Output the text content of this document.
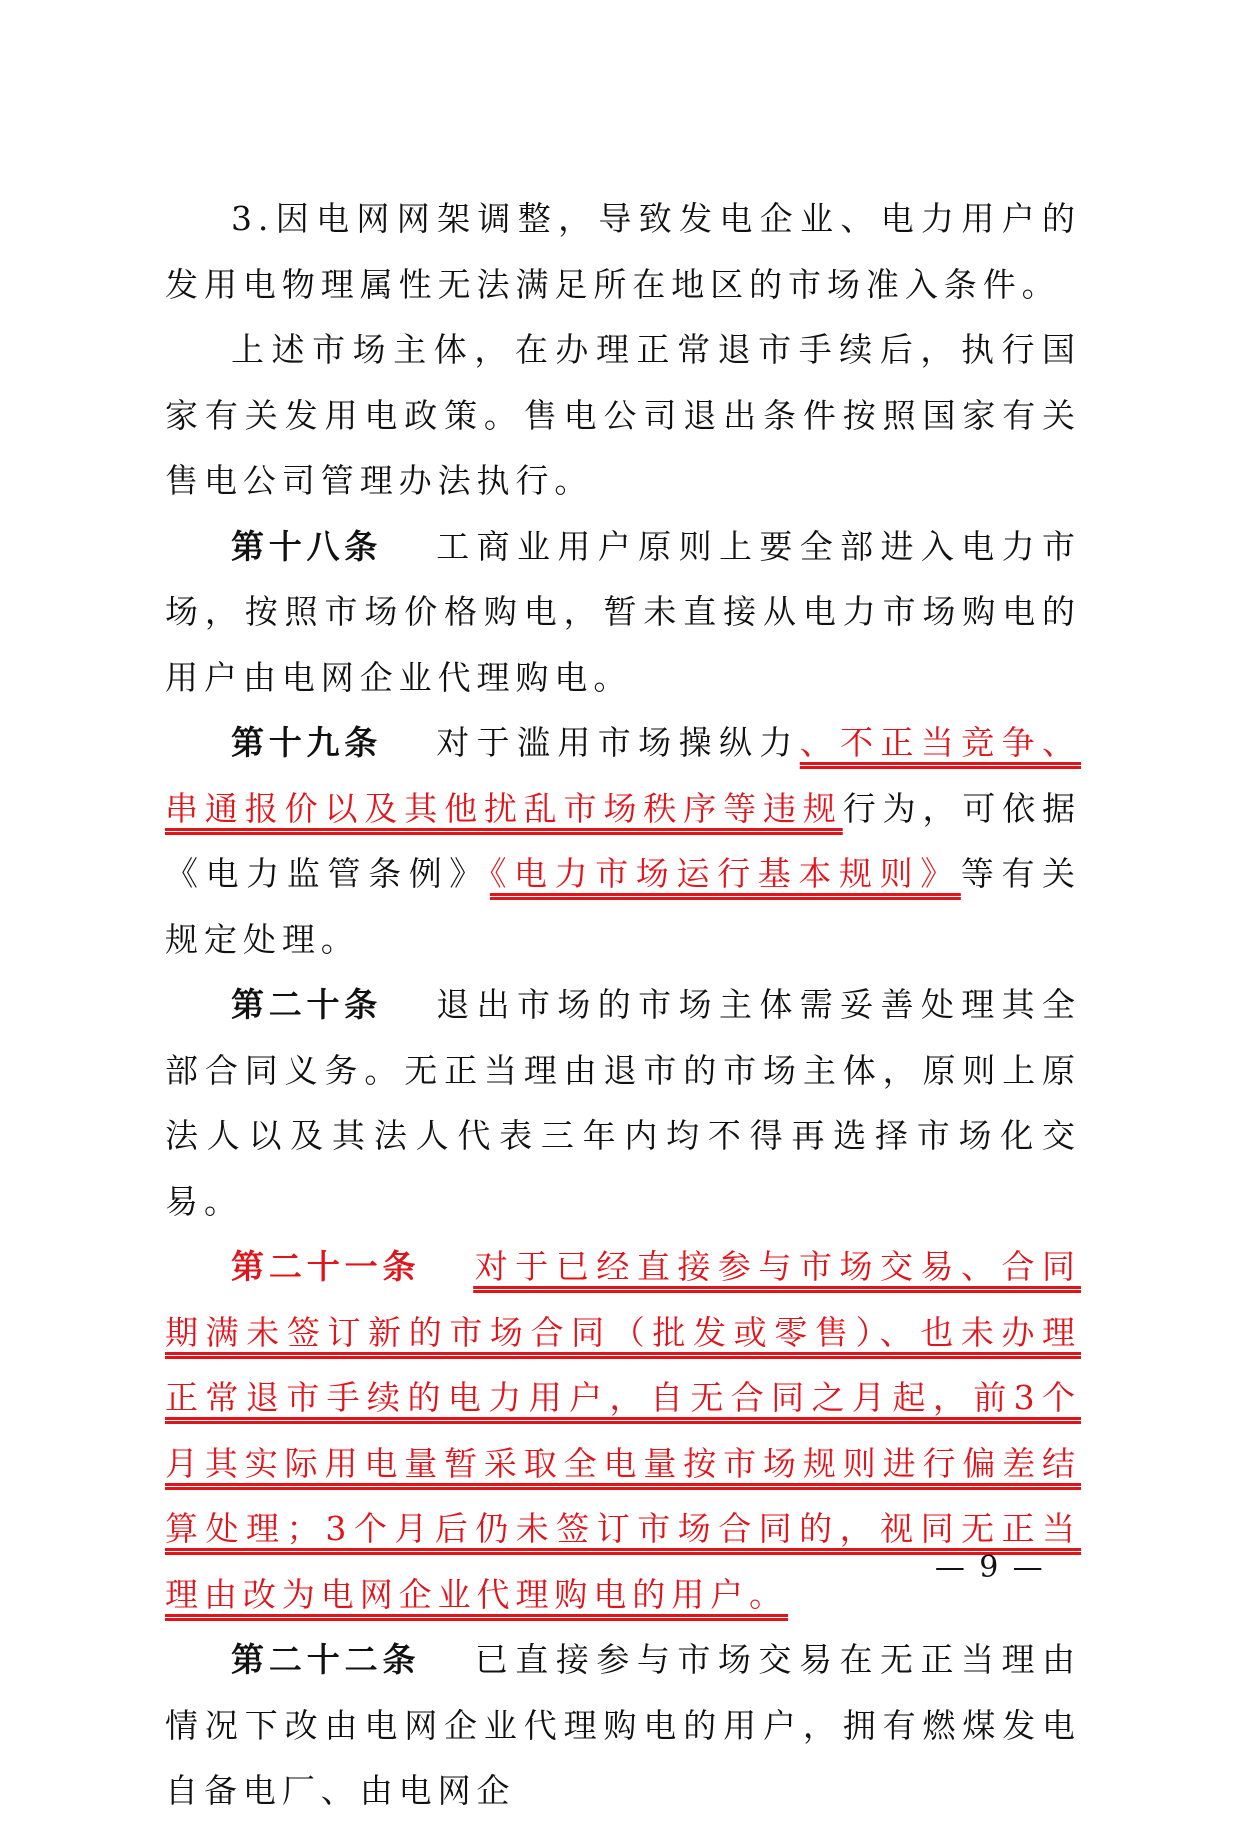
3.因电网网架调整，导致发电企业、电力用户的发用电物理属性无法满足所在地区的市场准入条件。

上述市场主体，在办理正常退市手续后，执行国家有关发用电政策。售电公司退出条件按照国家有关售电公司管理办法执行。

第十八条 工商业用户原则上要全部进入电力市场，按照市场价格购电，暂未直接从电力市场购电的用户由电网企业代理购电。

第十九条 对于滥用市场操纵力、不正当竞争、串通报价以及其他扰乱市场秩序等违规行为，可依据《电力监管条例》《电力市场运行基本规则》等有关规定处理。

第二十条 退出市场的市场主体需妥善处理其全部合同义务。无正当理由退市的市场主体，原则上原法人以及其法人代表三年内均不得再选择市场化交易。

第二十一条 对于已经直接参与市场交易、合同期满未签订新的市场合同（批发或零售）、也未办理正常退市手续的电力用户，自无合同之月起，前3个月其实际用电量暂采取全电量按市场规则进行偏差结算处理；3个月后仍未签订市场合同的，视同无正当理由改为电网企业代理购电的用户。

第二十二条 已直接参与市场交易在无正当理由情况下改由电网企业代理购电的用户，拥有燃煤发电自备电厂、由电网企

— 9 —
